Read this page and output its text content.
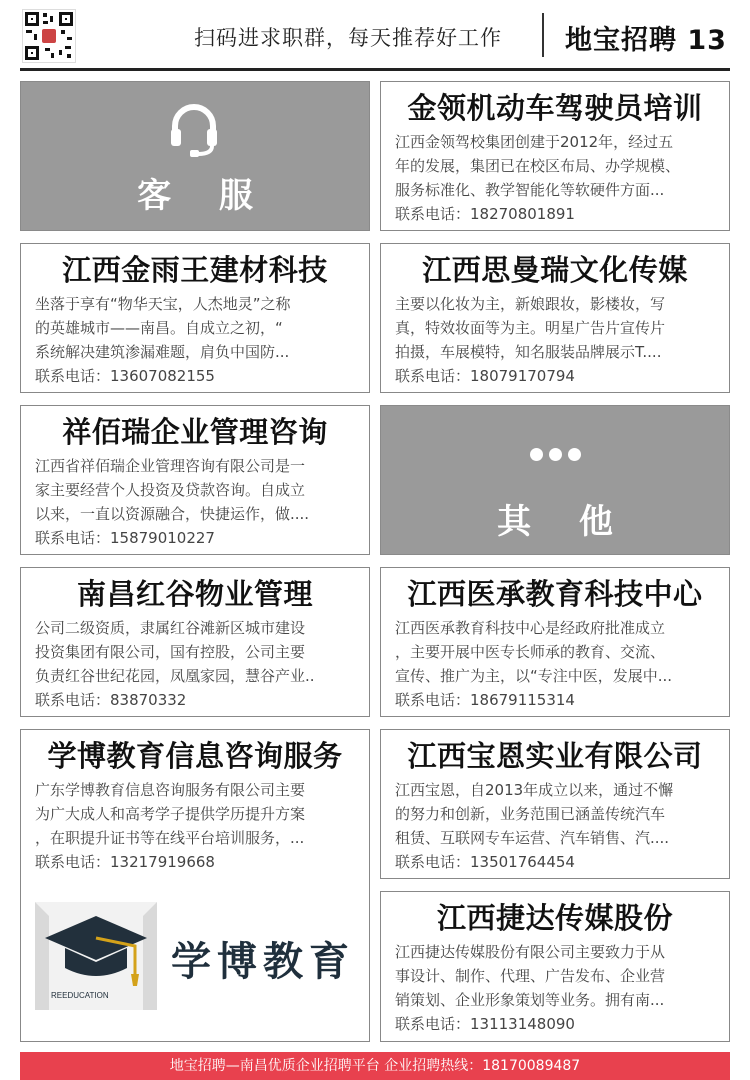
扫码进求职群，每天推荐好工作 地宝招聘 13
客 服
金领机动车驾驶员培训
江西金领驾校集团创建于2012年，经过五
年的发展，集团已在校区布局、办学规模、
服务标准化、教学智能化等软硬件方面...
联系电话：18270801891
江西金雨王建材科技
坐落于享有“物华天宝，人杰地灵”之称
的英雄城市——南昌。自成立之初，“
系统解决建筑渗漏难题，肩负中国防...
联系电话：13607082155
江西思曼瑞文化传媒
主要以化妆为主，新娘跟妆，影楼妆，写
真，特效妆面等为主。明星广告片宣传片
拍摄，车展模特，知名服装品牌展示T....
联系电话：18079170794
祥佰瑞企业管理咨询
江西省祥佰瑞企业管理咨询有限公司是一
家主要经营个人投资及贷款咨询。自成立
以来，一直以资源融合，快捷运作，做....
联系电话：15879010227	其 他
南昌红谷物业管理
公司二级资质，隶属红谷滩新区城市建设
投资集团有限公司，国有控股，公司主要
负责红谷世纪花园，凤凰家园，慧谷产业..
联系电话：83870332
江西医承教育科技中心
江西医承教育科技中心是经政府批准成立
，主要开展中医专长师承的教育、交流、
宣传、推广为主，以“专注中医，发展中...
联系电话：18679115314
学博教育信息咨询服务
广东学博教育信息咨询服务有限公司主要
为广大成人和高考学子提供学历提升方案
，在职提升证书等在线平台培训服务，...
联系电话：13217919668
REEDUCATION
学博教育
江西宝恩实业有限公司
江西宝恩，自2013年成立以来，通过不懈
的努力和创新，业务范围已涵盖传统汽车
租赁、互联网专车运营、汽车销售、汽....
联系电话：13501764454
江西捷达传媒股份
江西捷达传媒股份有限公司主要致力于从
事设计、制作、代理、广告发布、企业营
销策划、企业形象策划等业务。拥有南...
联系电话：13113148090
地宝招聘—南昌优质企业招聘平台 企业招聘热线：18170089487
